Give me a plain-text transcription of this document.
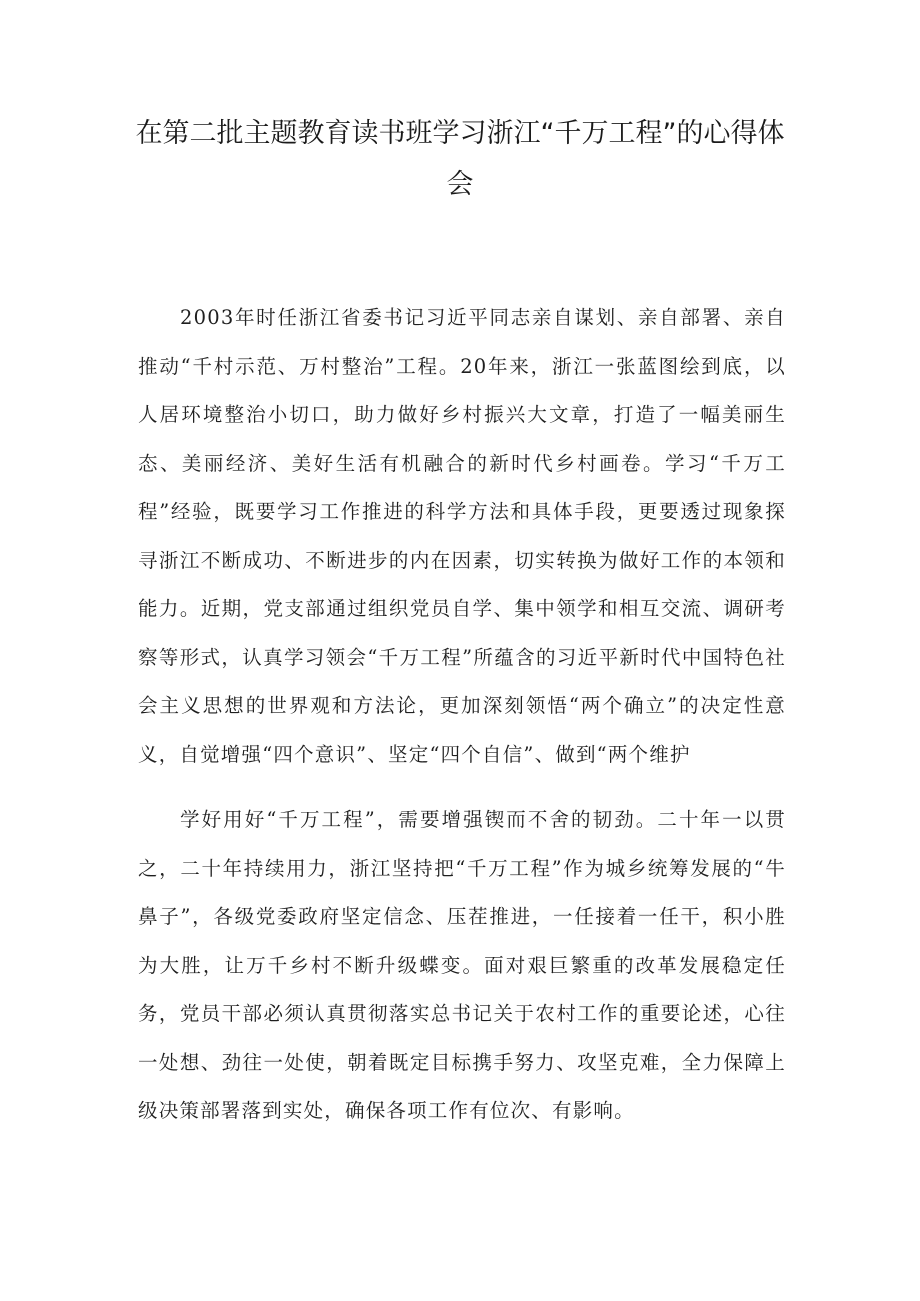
在第二批主题教育读书班学习浙江“千万工程”的心得体会

2003年时任浙江省委书记习近平同志亲自谋划、亲自部署、亲自推动“千村示范、万村整治”工程。20年来，浙江一张蓝图绘到底，以人居环境整治小切口，助力做好乡村振兴大文章，打造了一幅美丽生态、美丽经济、美好生活有机融合的新时代乡村画卷。学习“千万工程”经验，既要学习工作推进的科学方法和具体手段，更要透过现象探寻浙江不断成功、不断进步的内在因素，切实转换为做好工作的本领和能力。近期，党支部通过组织党员自学、集中领学和相互交流、调研考察等形式，认真学习领会“千万工程”所蕴含的习近平新时代中国特色社会主义思想的世界观和方法论，更加深刻领悟“两个确立”的决定性意义，自觉增强“四个意识”、坚定“四个自信”、做到“两个维护

学好用好“千万工程”，需要增强锲而不舍的韧劲。二十年一以贯之，二十年持续用力，浙江坚持把“千万工程”作为城乡统筹发展的“牛鼻子”，各级党委政府坚定信念、压茬推进，一任接着一任干，积小胜为大胜，让万千乡村不断升级蝶变。面对艰巨繁重的改革发展稳定任务，党员干部必须认真贯彻落实总书记关于农村工作的重要论述，心往一处想、劲往一处使，朝着既定目标携手努力、攻坚克难，全力保障上级决策部署落到实处，确保各项工作有位次、有影响。
